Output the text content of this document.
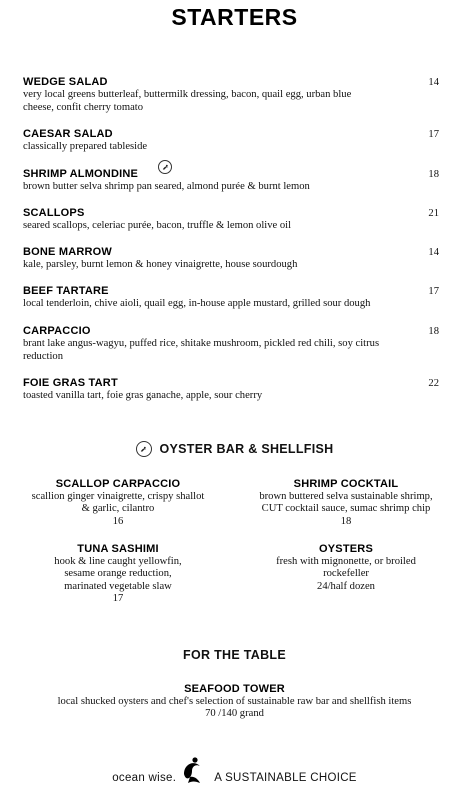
STARTERS
WEDGE SALAD
very local greens butterleaf, buttermilk dressing, bacon, quail egg, urban blue cheese, confit cherry tomato
14
CAESAR SALAD
classically prepared tableside
17
SHRIMP ALMONDINE
brown butter selva shrimp pan seared, almond purée & burnt lemon
18
SCALLOPS
seared scallops, celeriac purée, bacon, truffle & lemon olive oil
21
BONE MARROW
kale, parsley, burnt lemon & honey vinaigrette, house sourdough
14
BEEF TARTARE
local tenderloin, chive aioli, quail egg, in-house apple mustard, grilled sour dough
17
CARPACCIO
brant lake angus-wagyu, puffed rice, shitake mushroom, pickled red chili, soy citrus reduction
18
FOIE GRAS TART
toasted vanilla tart, foie gras ganache, apple, sour cherry
22
OYSTER BAR & SHELLFISH
SCALLOP CARPACCIO
scallion ginger vinaigrette, crispy shallot
& garlic, cilantro
16
SHRIMP COCKTAIL
brown buttered selva sustainable shrimp,
CUT cocktail sauce, sumac shrimp chip
18
TUNA SASHIMI
hook & line caught yellowfin,
sesame orange reduction,
marinated vegetable slaw
17
OYSTERS
fresh with mignonette, or broiled
rockefeller
24/half dozen
FOR THE TABLE
SEAFOOD TOWER
local shucked oysters and chef's selection of sustainable raw bar and shellfish items
70 /140 grand
ocean wise.	A SUSTAINABLE CHOICE
